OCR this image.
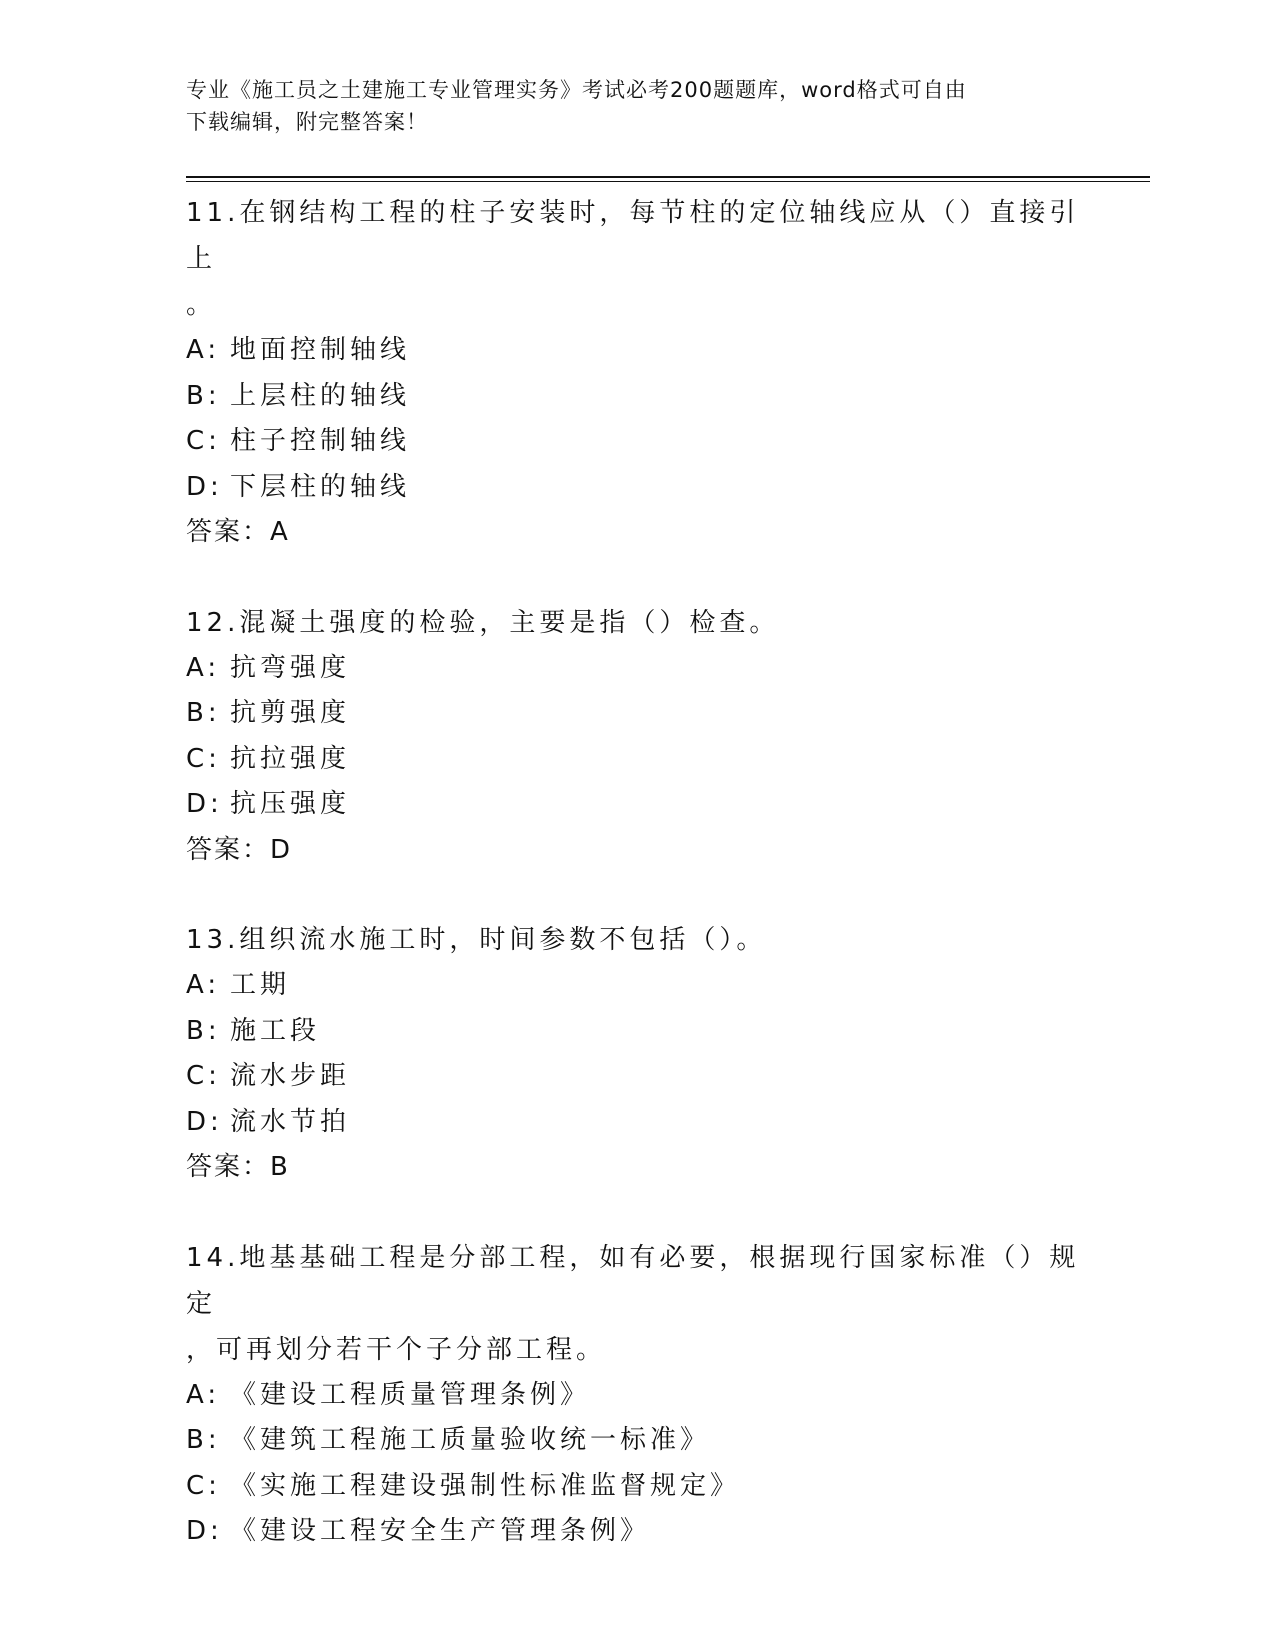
专业《施工员之土建施工专业管理实务》考试必考200题题库，word格式可自由
下载编辑，附完整答案！

11.在钢结构工程的柱子安装时，每节柱的定位轴线应从（）直接引上

。

A: 地面控制轴线

B: 上层柱的轴线

C: 柱子控制轴线

D: 下层柱的轴线

答案：A

12.混凝土强度的检验，主要是指（）检查。

A: 抗弯强度

B: 抗剪强度

C: 抗拉强度

D: 抗压强度

答案：D

13.组织流水施工时，时间参数不包括（）。

A: 工期

B: 施工段

C: 流水步距

D: 流水节拍

答案：B

14.地基基础工程是分部工程，如有必要，根据现行国家标准（）规定

，可再划分若干个子分部工程。

A: 《建设工程质量管理条例》

B: 《建筑工程施工质量验收统一标准》

C: 《实施工程建设强制性标准监督规定》

D: 《建设工程安全生产管理条例》
